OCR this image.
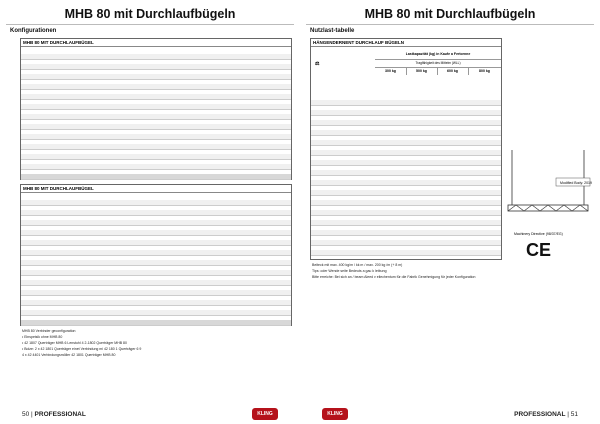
MHB 80 mit Durchlaufbügeln
Konfigurationen
MHB 80 MIT DURCHLAUFBÜGEL
MHB 80 MIT DURCHLAUFBÜGEL
MHB 80 Verbinder geconfiguration
• Einspeisik ohne MHB 80
• 42 1807 Querträger MHB 6 Lenstuhl 4 2-1802 Querträger MHB 80
• Bolze: 2 x 42 1801 Querträger einet Verbindung mi 42 180 1 Querträger 6 9
4 x 42 4401 Verbindungsmöller 42 1801 Querträger MHB 80
50 | PROFESSIONAL	KLING
MHB 80 mit Durchlaufbügeln
Nutzlast-tabelle
HÄNGENDERNENT DURCHLAUF BÜGELN
Lastkapazität (kg) in Kaufe a Fertornne
Tragfähigkeit des Mittelm (WLL)
⚖
300 kg	500 kg	600 kg	800 kg
Modified Body: 2019
Machinery Directive (98/37/EG)
CE
Beiteck mit max. 400 kg/m / kk m / max. 200 kg /m (+ 8 m)
Tips: oder Wende seite Bedeuts a gau k letbung
Bitte erreiche: Bei sich an / beam Aleed v eliechentum für die Fabrik Genehmigung für jeder Konfiguration
KLING	PROFESSIONAL | 51
